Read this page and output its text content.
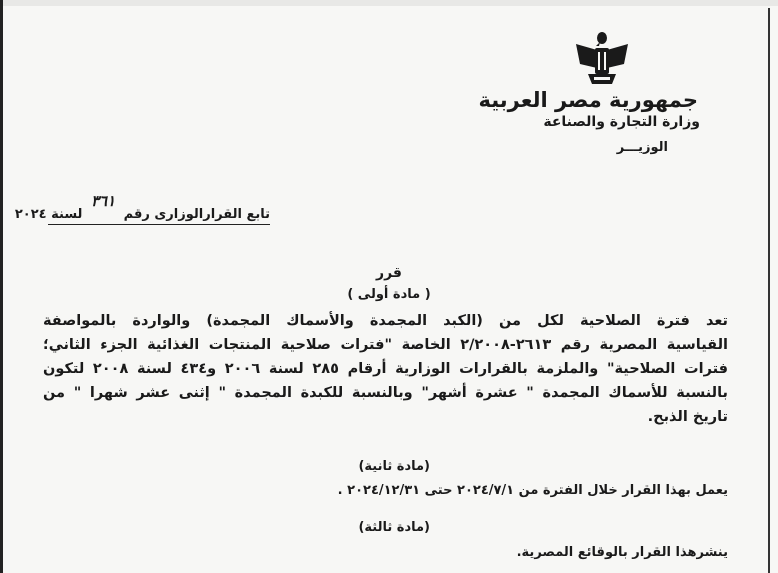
جمهورية مصر العربية
وزارة التجارة والصناعة
الوزيـــر
تابع القرارالوزارى رقم ٣٦١ لسنة ٢٠٢٤
قرر
( مادة أولى )
تعد فترة الصلاحية لكل من (الكبد المجمدة والأسماك المجمدة) والواردة بالمواصفة
القياسية المصرية رقم ٢٦١٣-٢/٢٠٠٨ الخاصة "فترات صلاحية المنتجات الغذائية الجزء الثاني؛
فترات الصلاحية" والملزمة بالقرارات الوزارية أرقام ٢٨٥ لسنة ٢٠٠٦ و٤٣٤ لسنة ٢٠٠٨ لتكون
بالنسبة للأسماك المجمدة " عشرة أشهر" وبالنسبة للكبدة المجمدة " إثنى عشر شهرا " من
تاريخ الذبح.
(مادة ثانية)
يعمل بهذا القرار خلال الفترة من ٢٠٢٤/٧/١ حتى ٢٠٢٤/١٢/٣١ .
(مادة ثالثة)
ينشرهذا القرار بالوقائع المصرية.
